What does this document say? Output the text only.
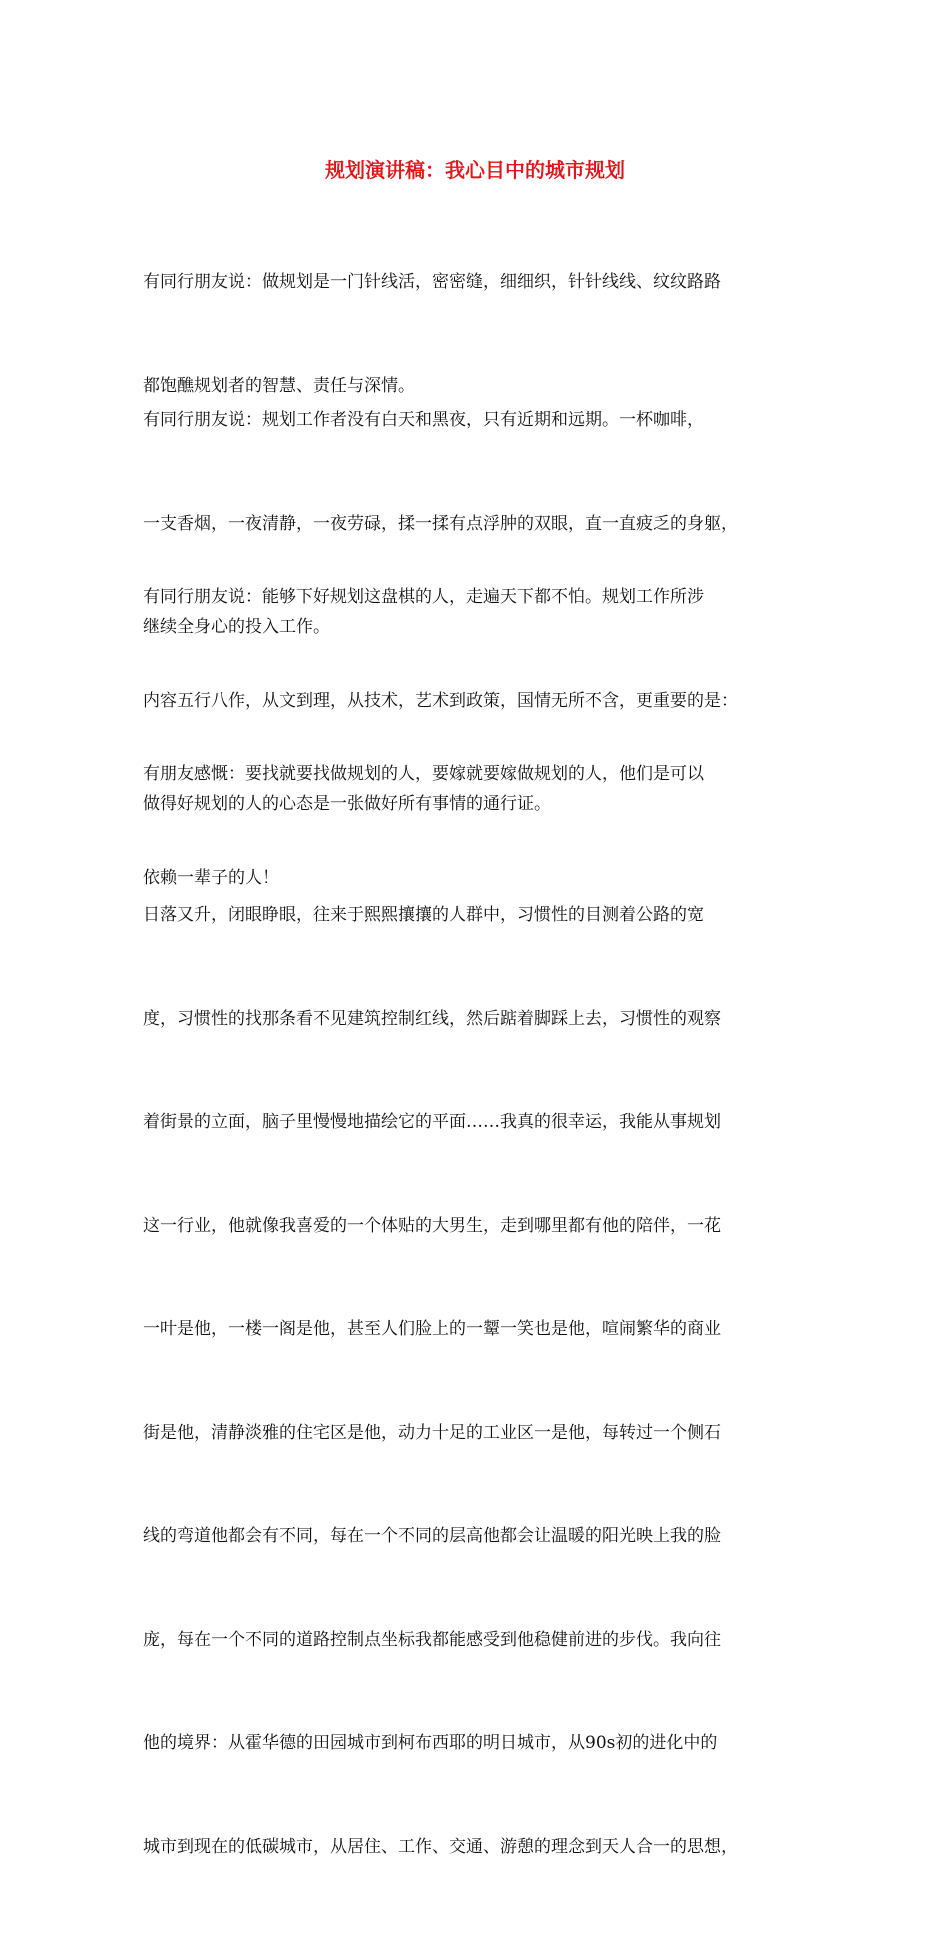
规划演讲稿：我心目中的城市规划

有同行朋友说：做规划是一门针线活，密密缝，细细织，针针线线、纹纹路路

都饱醮规划者的智慧、责任与深情。

有同行朋友说：规划工作者没有白天和黑夜，只有近期和远期。一杯咖啡，

一支香烟，一夜清静，一夜劳碌，揉一揉有点浮肿的双眼，直一直疲乏的身躯，

继续全身心的投入工作。

有同行朋友说：能够下好规划这盘棋的人，走遍天下都不怕。规划工作所涉

内容五行八作，从文到理，从技术，艺术到政策，国情无所不含，更重要的是：

做得好规划的人的心态是一张做好所有事情的通行证。

有朋友感慨：要找就要找做规划的人，要嫁就要嫁做规划的人，他们是可以

依赖一辈子的人！

日落又升，闭眼睁眼，往来于熙熙攘攘的人群中，习惯性的目测着公路的宽

度，习惯性的找那条看不见建筑控制红线，然后踮着脚踩上去，习惯性的观察

着街景的立面，脑子里慢慢地描绘它的平面……我真的很幸运，我能从事规划

这一行业，他就像我喜爱的一个体贴的大男生，走到哪里都有他的陪伴，一花

一叶是他，一楼一阁是他，甚至人们脸上的一颦一笑也是他，喧闹繁华的商业

街是他，清静淡雅的住宅区是他，动力十足的工业区一是他，每转过一个侧石

线的弯道他都会有不同，每在一个不同的层高他都会让温暖的阳光映上我的脸

庞，每在一个不同的道路控制点坐标我都能感受到他稳健前进的步伐。我向往

他的境界：从霍华德的田园城市到柯布西耶的明日城市，从90s初的进化中的

城市到现在的低碳城市，从居住、工作、交通、游憩的理念到天人合一的思想，
